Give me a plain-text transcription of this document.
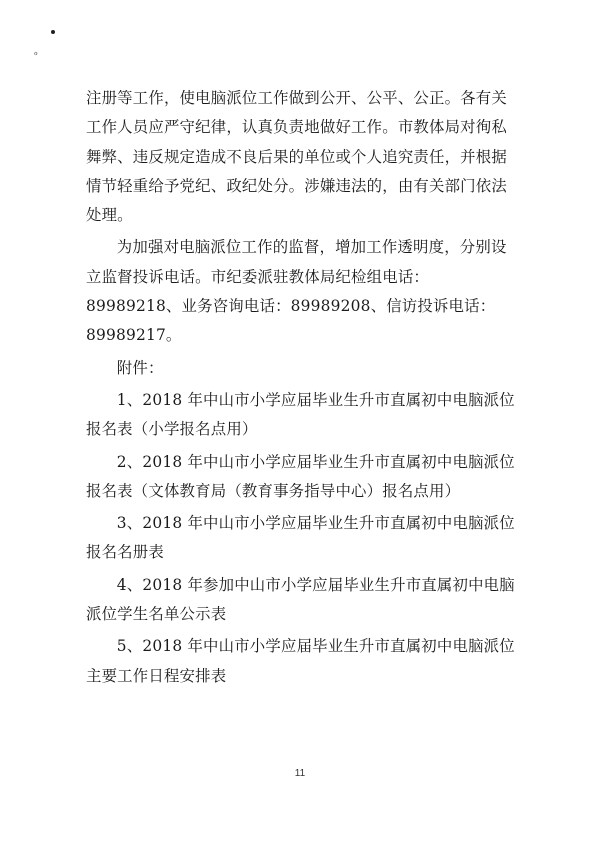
ℴ

注册等工作，使电脑派位工作做到公开、公平、公正。各有关工作人员应严守纪律，认真负责地做好工作。市教体局对徇私舞弊、违反规定造成不良后果的单位或个人追究责任，并根据情节轻重给予党纪、政纪处分。涉嫌违法的，由有关部门依法处理。

为加强对电脑派位工作的监督，增加工作透明度，分别设立监督投诉电话。市纪委派驻教体局纪检组电话：89989218、业务咨询电话：89989208、信访投诉电话：89989217。

附件：

1、2018 年中山市小学应届毕业生升市直属初中电脑派位报名表（小学报名点用）

2、2018 年中山市小学应届毕业生升市直属初中电脑派位报名表（文体教育局（教育事务指导中心）报名点用）

3、2018 年中山市小学应届毕业生升市直属初中电脑派位报名名册表

4、2018 年参加中山市小学应届毕业生升市直属初中电脑派位学生名单公示表

5、2018 年中山市小学应届毕业生升市直属初中电脑派位主要工作日程安排表

11
